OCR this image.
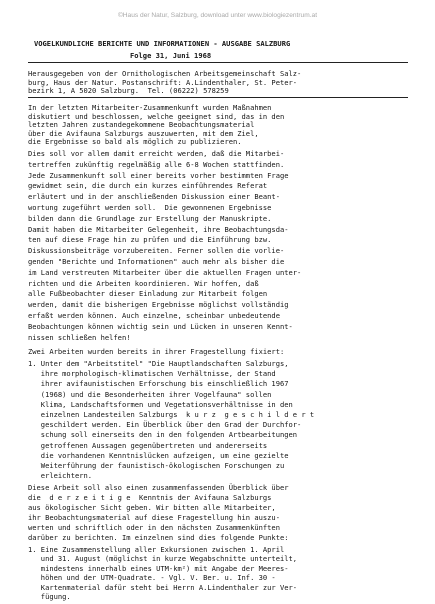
©Haus der Natur, Salzburg, download unter www.biologiezentrum.at
VOGELKUNDLICHE BERICHTE UND INFORMATIONEN - AUSGABE SALZBURG
Folge 31, Juni 1968
Herausgegeben von der Ornithologischen Arbeitsgemeinschaft Salz-
burg, Haus der Natur. Postanschrift: A.Lindenthaler, St. Peter-
bezirk 1, A 5020 Salzburg.  Tel. (06222) 578259
In der letzten Mitarbeiter-Zusammenkunft wurden Maßnahmen
diskutiert und beschlossen, welche geeignet sind, das in den
letzten Jahren zustandegekommene Beobachtungsmaterial
über die Avifauna Salzburgs auszuwerten, mit dem Ziel,
die Ergebnisse so bald als möglich zu publizieren.
Dies soll vor allem damit erreicht werden, daß die Mitarbei-
tertreffen zukünftig regelmäßig alle 6-8 Wochen stattfinden.
Jede Zusammenkunft soll einer bereits vorher bestimmten Frage
gewidmet sein, die durch ein kurzes einführendes Referat
erläutert und in der anschließenden Diskussion einer Beant-
wortung zugeführt werden soll.  Die gewonnenen Ergebnisse
bilden dann die Grundlage zur Erstellung der Manuskripte.
Damit haben die Mitarbeiter Gelegenheit, ihre Beobachtungsda-
ten auf diese Frage hin zu prüfen und die Einführung bzw.
Diskussionsbeiträge vorzubereiten. Ferner sollen die vorlie-
genden "Berichte und Informationen" auch mehr als bisher die
im Land verstreuten Mitarbeiter über die aktuellen Fragen unter-
richten und die Arbeiten koordinieren. Wir hoffen, daß
alle Fußbeobachter dieser Einladung zur Mitarbeit folgen
werden, damit die bisherigen Ergebnisse möglichst vollständig
erfaßt werden können. Auch einzelne, scheinbar unbedeutende
Beobachtungen können wichtig sein und Lücken in unseren Kennt-
nissen schließen helfen!
Zwei Arbeiten wurden bereits in ihrer Fragestellung fixiert:
1. Unter dem "Arbeitstitel" "Die Hauptlandschaften Salzburgs,
ihre morphologisch-klimatischen Verhältnisse, der Stand
ihrer avifaunistischen Erforschung bis einschließlich 1967
(1968) und die Besonderheiten ihrer Vogelfauna" sollen
Klima, Landschaftsformen und Vegetationsverhältnisse in den
einzelnen Landesteilen Salzburgs  k u r z  g e s c h i l d e r t
geschildert werden. Ein Überblick über den Grad der Durchfor-
schung soll einerseits den in den folgenden Artbearbeitungen
getroffenen Aussagen gegenübertreten und andererseits
die vorhandenen Kenntnislücken aufzeigen, um eine gezielte
Weiterführung der faunistisch-ökologischen Forschungen zu
erleichtern.
Diese Arbeit soll also einen zusammenfassenden Überblick über
die  d e r z e i t i g e  Kenntnis der Avifauna Salzburgs
aus ökologischer Sicht geben. Wir bitten alle Mitarbeiter,
ihr Beobachtungsmaterial auf diese Fragestellung hin auszu-
werten und schriftlich oder in den nächsten Zusammenkünften
darüber zu berichten. Im einzelnen sind dies folgende Punkte:
1. Eine Zusammenstellung aller Exkursionen zwischen 1. April
und 31. August (möglichst in kurze Wegabschnitte unterteilt,
mindestens innerhalb eines UTM-km²) mit Angabe der Meeres-
höhen und der UTM-Quadrate. - Vgl. V. Ber. u. Inf. 30 -
Kartenmaterial dafür steht bei Herrn A.Lindenthaler zur Ver-
fügung.
